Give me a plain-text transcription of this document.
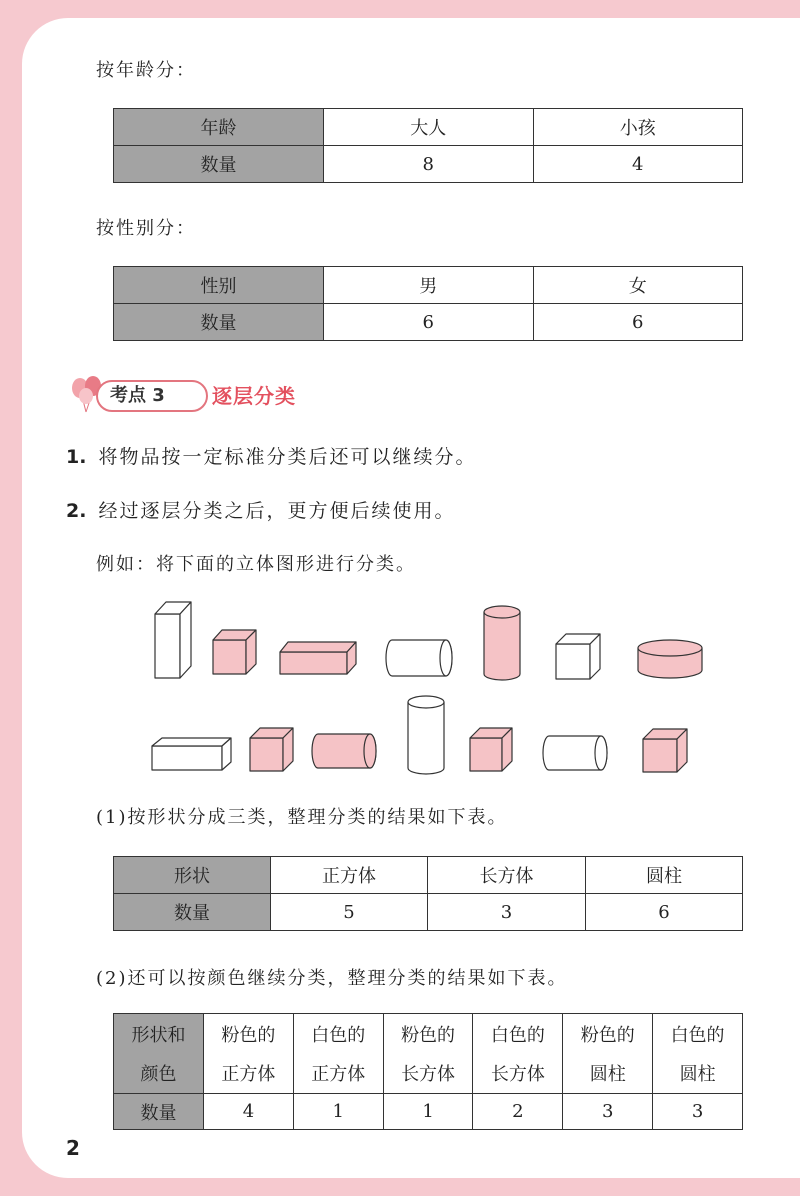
按年龄分：
年龄	大人	小孩
数量	8	4
按性别分：
性别	男	女
数量	6	6
考点 3 逐层分类
1. 将物品按一定标准分类后还可以继续分。
2. 经过逐层分类之后，更方便后续使用。
例如：将下面的立体图形进行分类。
(1)按形状分成三类，整理分类的结果如下表。
形状	正方体	长方体	圆柱
数量	5	3	6
(2)还可以按颜色继续分类，整理分类的结果如下表。
形状和	粉色的	白色的	粉色的	白色的	粉色的	白色的
颜色	正方体	正方体	长方体	长方体	圆柱	圆柱
数量	4	1	1	2	3	3
2
